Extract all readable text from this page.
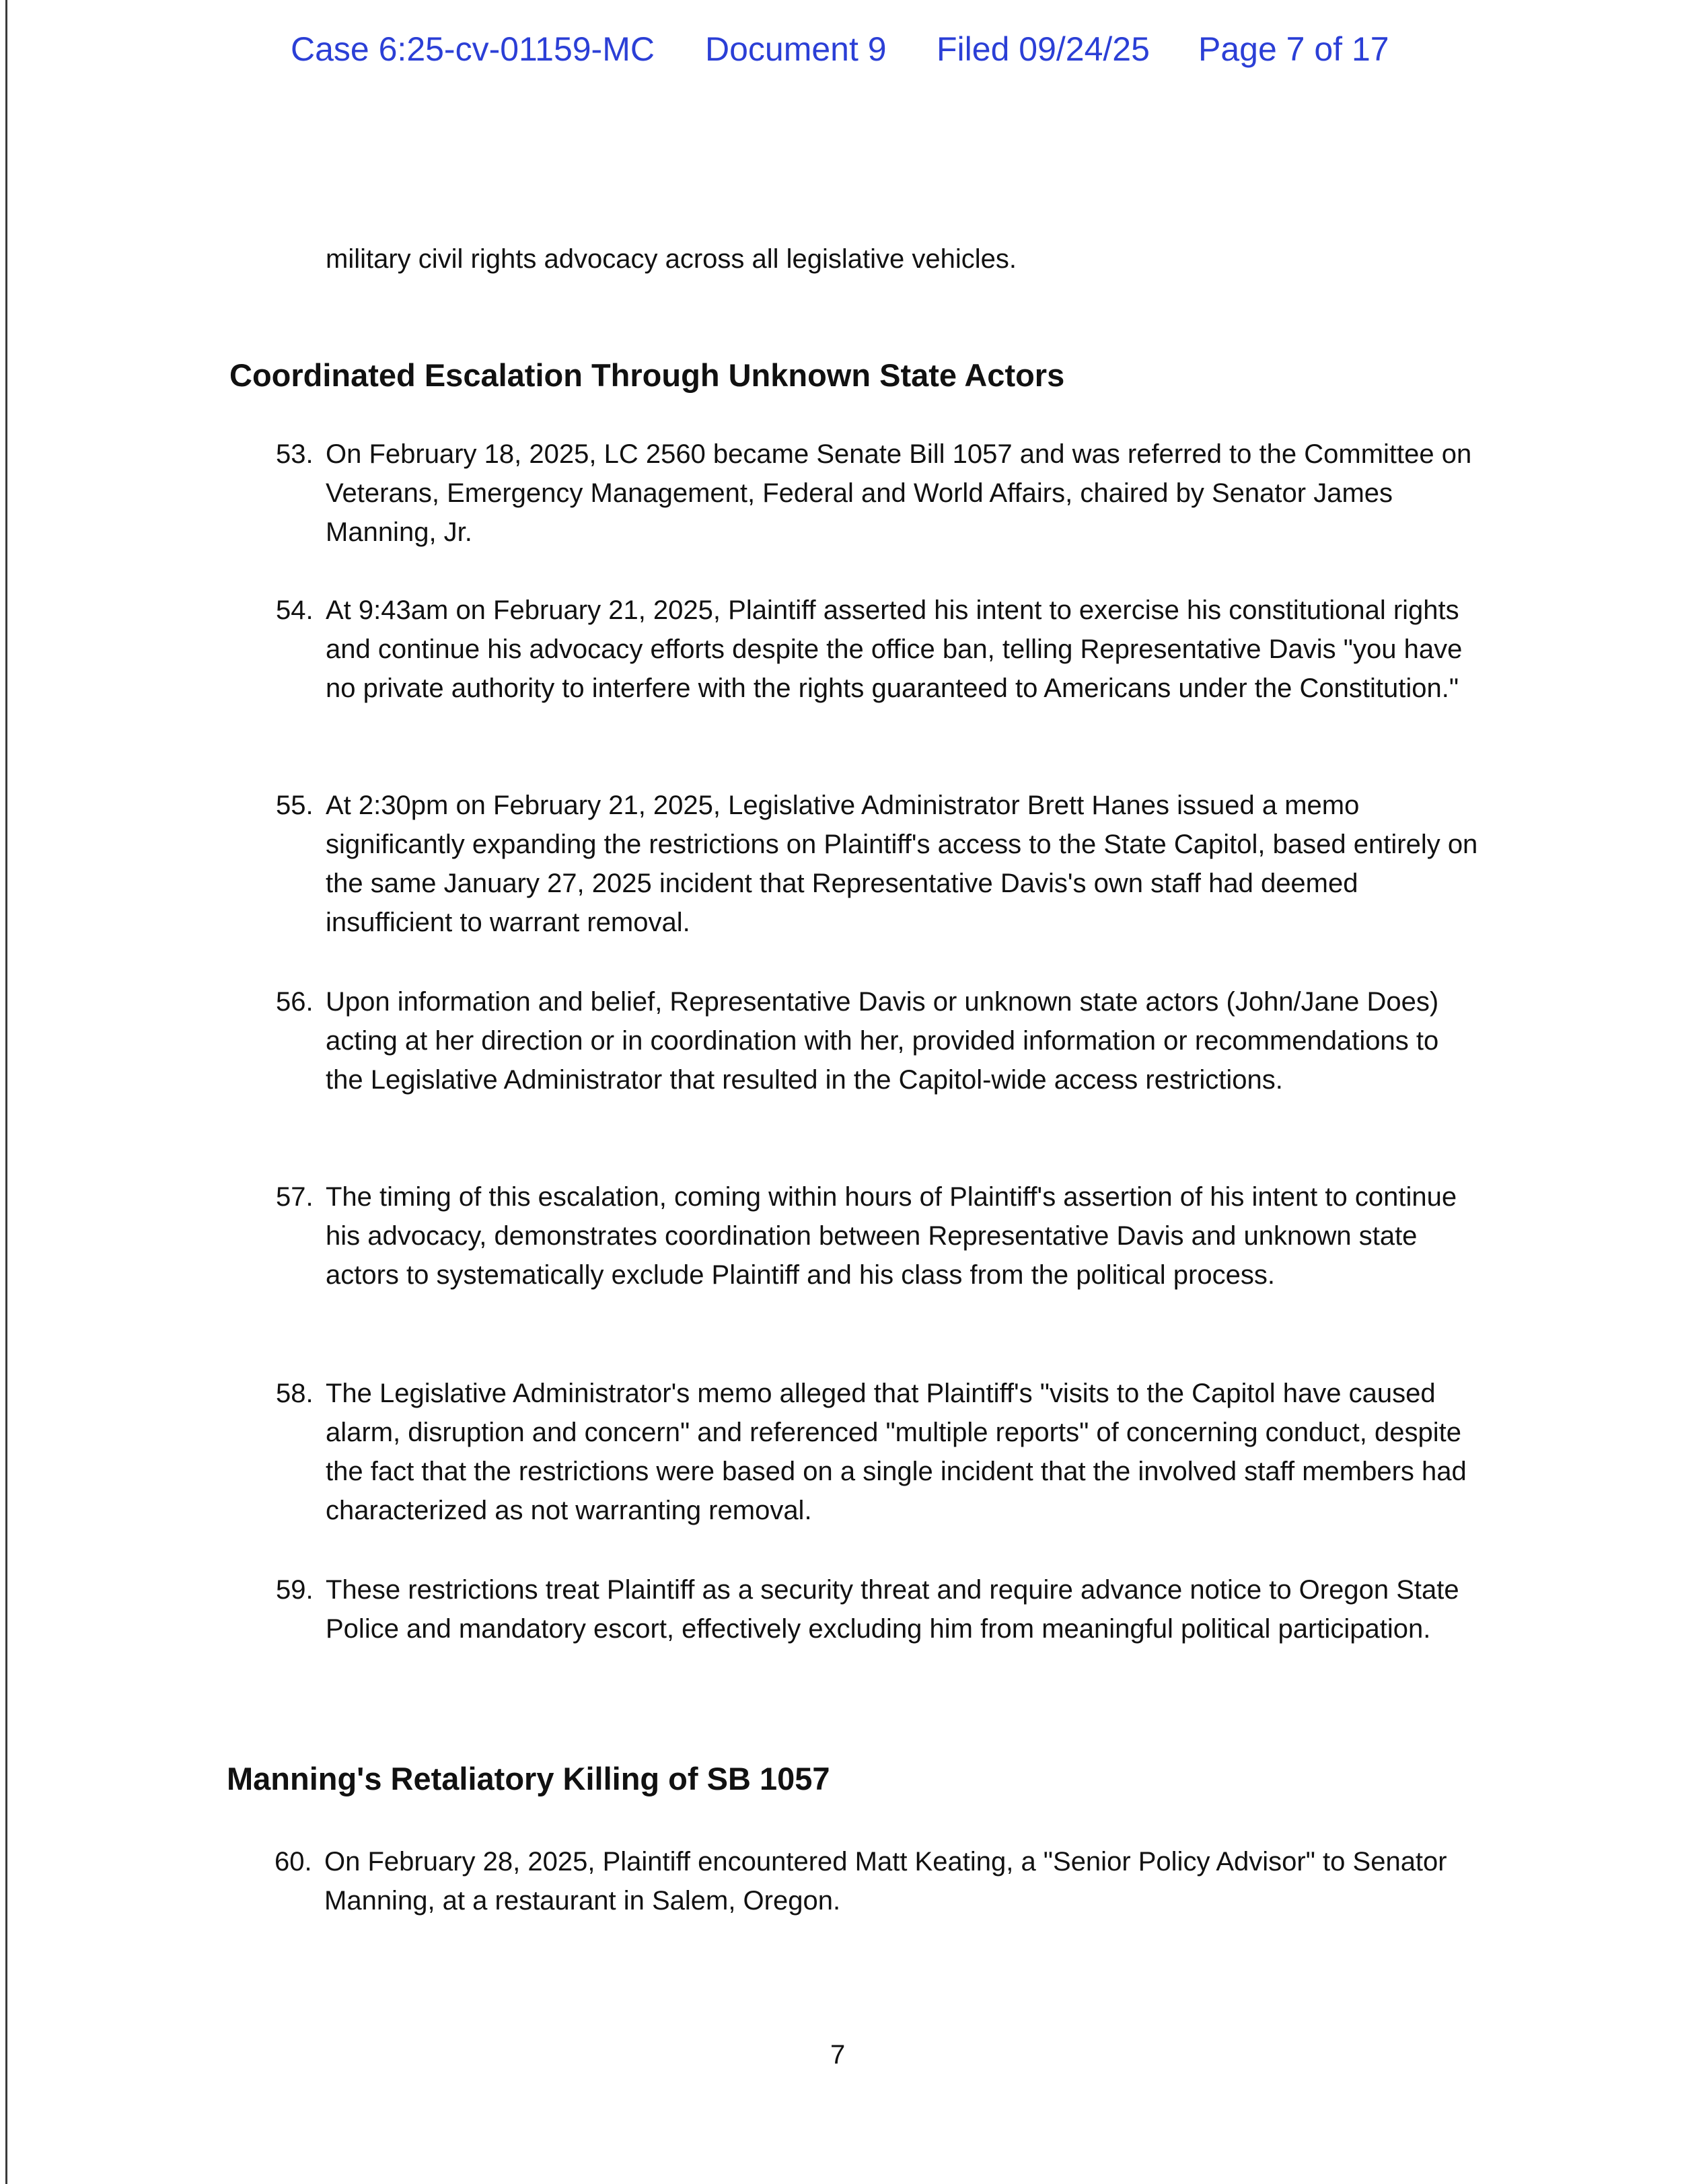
Case 6:25-cv-01159-MC Document 9 Filed 09/24/25 Page 7 of 17
military civil rights advocacy across all legislative vehicles.
Coordinated Escalation Through Unknown State Actors
53. On February 18, 2025, LC 2560 became Senate Bill 1057 and was referred to the Committee on Veterans, Emergency Management, Federal and World Affairs, chaired by Senator James Manning, Jr.
54. At 9:43am on February 21, 2025, Plaintiff asserted his intent to exercise his constitutional rights and continue his advocacy efforts despite the office ban, telling Representative Davis "you have no private authority to interfere with the rights guaranteed to Americans under the Constitution."
55. At 2:30pm on February 21, 2025, Legislative Administrator Brett Hanes issued a memo significantly expanding the restrictions on Plaintiff's access to the State Capitol, based entirely on the same January 27, 2025 incident that Representative Davis's own staff had deemed insufficient to warrant removal.
56. Upon information and belief, Representative Davis or unknown state actors (John/Jane Does) acting at her direction or in coordination with her, provided information or recommendations to the Legislative Administrator that resulted in the Capitol-wide access restrictions.
57. The timing of this escalation, coming within hours of Plaintiff's assertion of his intent to continue his advocacy, demonstrates coordination between Representative Davis and unknown state actors to systematically exclude Plaintiff and his class from the political process.
58. The Legislative Administrator's memo alleged that Plaintiff's "visits to the Capitol have caused alarm, disruption and concern" and referenced "multiple reports" of concerning conduct, despite the fact that the restrictions were based on a single incident that the involved staff members had characterized as not warranting removal.
59. These restrictions treat Plaintiff as a security threat and require advance notice to Oregon State Police and mandatory escort, effectively excluding him from meaningful political participation.
Manning's Retaliatory Killing of SB 1057
60. On February 28, 2025, Plaintiff encountered Matt Keating, a "Senior Policy Advisor" to Senator Manning, at a restaurant in Salem, Oregon.
7
